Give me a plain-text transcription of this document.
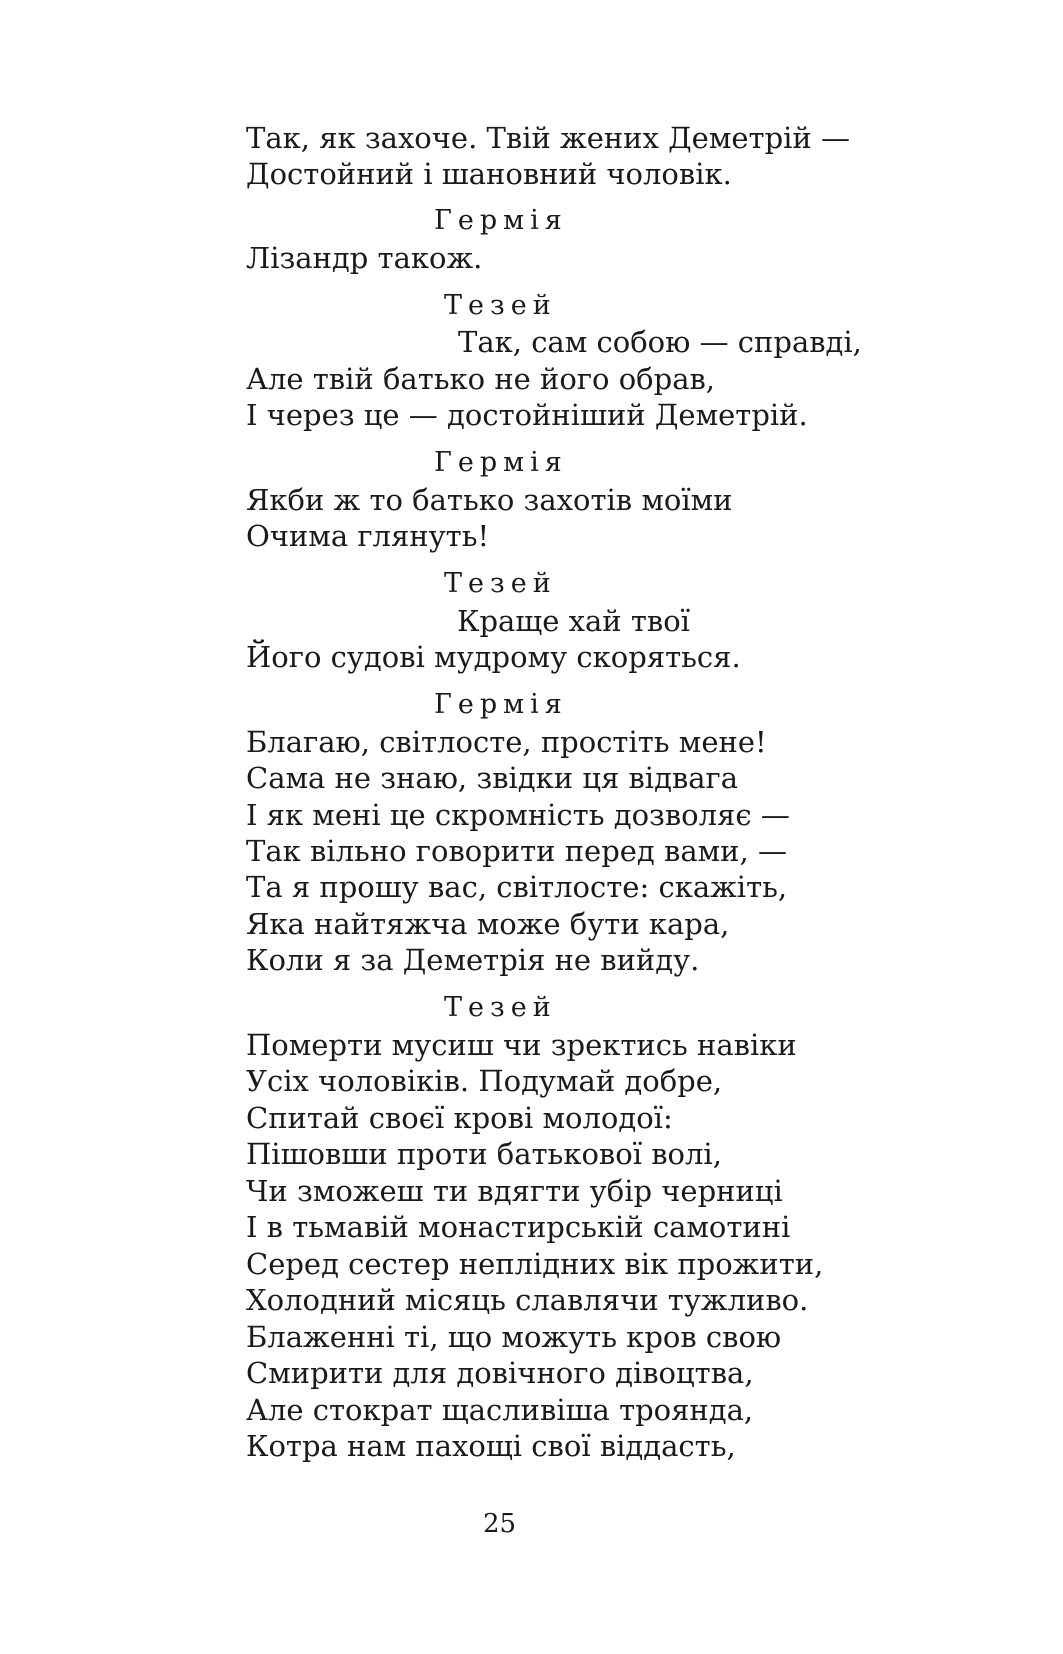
Так, як захоче. Твій жених Деметрій —
Достойний і шановний чоловік.
Гермія
Лізандр також.
Тезей
Так, сам собою — справді,
Але твій батько не його обрав,
І через це — достойніший Деметрій.
Гермія
Якби ж то батько захотів моїми
Очима глянуть!
Тезей
Краще хай твої
Його судові мудрому скоряться.
Гермія
Благаю, світлосте, простіть мене!
Сама не знаю, звідки ця відвага
І як мені це скромність дозволяє —
Так вільно говорити перед вами, —
Та я прошу вас, світлосте: скажіть,
Яка найтяжча може бути кара,
Коли я за Деметрія не вийду.
Тезей
Померти мусиш чи зректись навіки
Усіх чоловіків. Подумай добре,
Спитай своєї крові молодої:
Пішовши проти батькової волі,
Чи зможеш ти вдягти убір черниці
І в тьмавій монастирській самотині
Серед сестер неплідних вік прожити,
Холодний місяць славлячи тужливо.
Блаженні ті, що можуть кров свою
Смирити для довічного дівоцтва,
Але стократ щасливіша троянда,
Котра нам пахощі свої віддасть,
25
